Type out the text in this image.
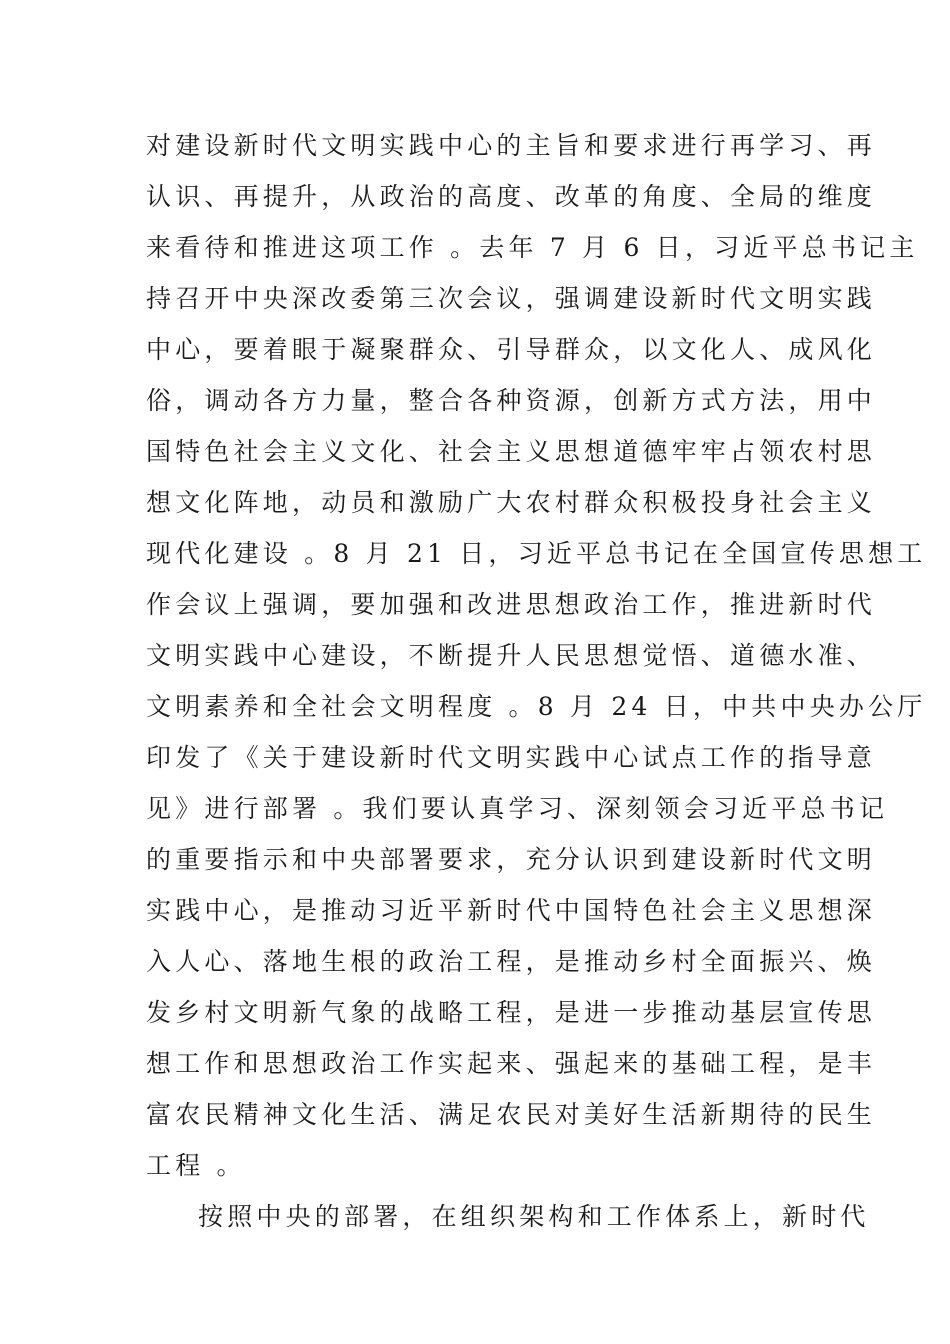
对建设新时代文明实践中心的主旨和要求进行再学习、再
认识、再提升，从政治的高度、改革的角度、全局的维度
来看待和推进这项工作 。去年 7 月 6 日，习近平总书记主
持召开中央深改委第三次会议，强调建设新时代文明实践
中心，要着眼于凝聚群众、引导群众，以文化人、成风化
俗，调动各方力量，整合各种资源，创新方式方法，用中
国特色社会主义文化、社会主义思想道德牢牢占领农村思
想文化阵地，动员和激励广大农村群众积极投身社会主义
现代化建设 。8 月 21 日，习近平总书记在全国宣传思想工
作会议上强调，要加强和改进思想政治工作，推进新时代
文明实践中心建设，不断提升人民思想觉悟、道德水准、
文明素养和全社会文明程度 。8 月 24 日，中共中央办公厅
印发了《关于建设新时代文明实践中心试点工作的指导意
见》进行部署 。我们要认真学习、深刻领会习近平总书记
的重要指示和中央部署要求，充分认识到建设新时代文明
实践中心，是推动习近平新时代中国特色社会主义思想深
入人心、落地生根的政治工程，是推动乡村全面振兴、焕
发乡村文明新气象的战略工程，是进一步推动基层宣传思
想工作和思想政治工作实起来、强起来的基础工程，是丰
富农民精神文化生活、满足农民对美好生活新期待的民生
工程 。
按照中央的部署，在组织架构和工作体系上，新时代
